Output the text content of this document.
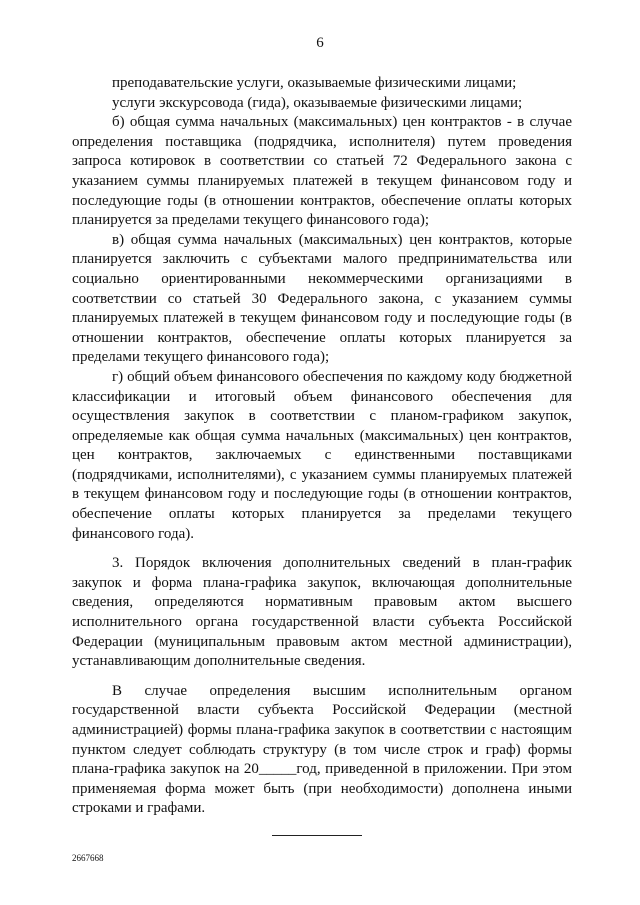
6

преподавательские услуги, оказываемые физическими лицами;

услуги экскурсовода (гида), оказываемые физическими лицами;

б) общая сумма начальных (максимальных) цен контрактов - в случае определения поставщика (подрядчика, исполнителя) путем проведения запроса котировок в соответствии со статьей 72 Федерального закона с указанием суммы планируемых платежей в текущем финансовом году и последующие годы (в отношении контрактов, обеспечение оплаты которых планируется за пределами текущего финансового года);

в) общая сумма начальных (максимальных) цен контрактов, которые планируется заключить с субъектами малого предпринимательства или социально ориентированными некоммерческими организациями в соответствии со статьей 30 Федерального закона, с указанием суммы планируемых платежей в текущем финансовом году и последующие годы (в отношении контрактов, обеспечение оплаты которых планируется за пределами текущего финансового года);

г) общий объем финансового обеспечения по каждому коду бюджетной классификации и итоговый объем финансового обеспечения для осуществления закупок в соответствии с планом-графиком закупок, определяемые как общая сумма начальных (максимальных) цен контрактов, цен контрактов, заключаемых с единственными поставщиками (подрядчиками, исполнителями), с указанием суммы планируемых платежей в текущем финансовом году и последующие годы (в отношении контрактов, обеспечение оплаты которых планируется за пределами текущего финансового года).

3. Порядок включения дополнительных сведений в план-график закупок и форма плана-графика закупок, включающая дополнительные сведения, определяются нормативным правовым актом высшего исполнительного органа государственной власти субъекта Российской Федерации (муниципальным правовым актом местной администрации), устанавливающим дополнительные сведения.

В случае определения высшим исполнительным органом государственной власти субъекта Российской Федерации (местной администрацией) формы плана-графика закупок в соответствии с настоящим пунктом следует соблюдать структуру (в том числе строк и граф) формы плана-графика закупок на 20_____год, приведенной в приложении. При этом применяемая форма может быть (при необходимости) дополнена иными строками и графами.

2667668
